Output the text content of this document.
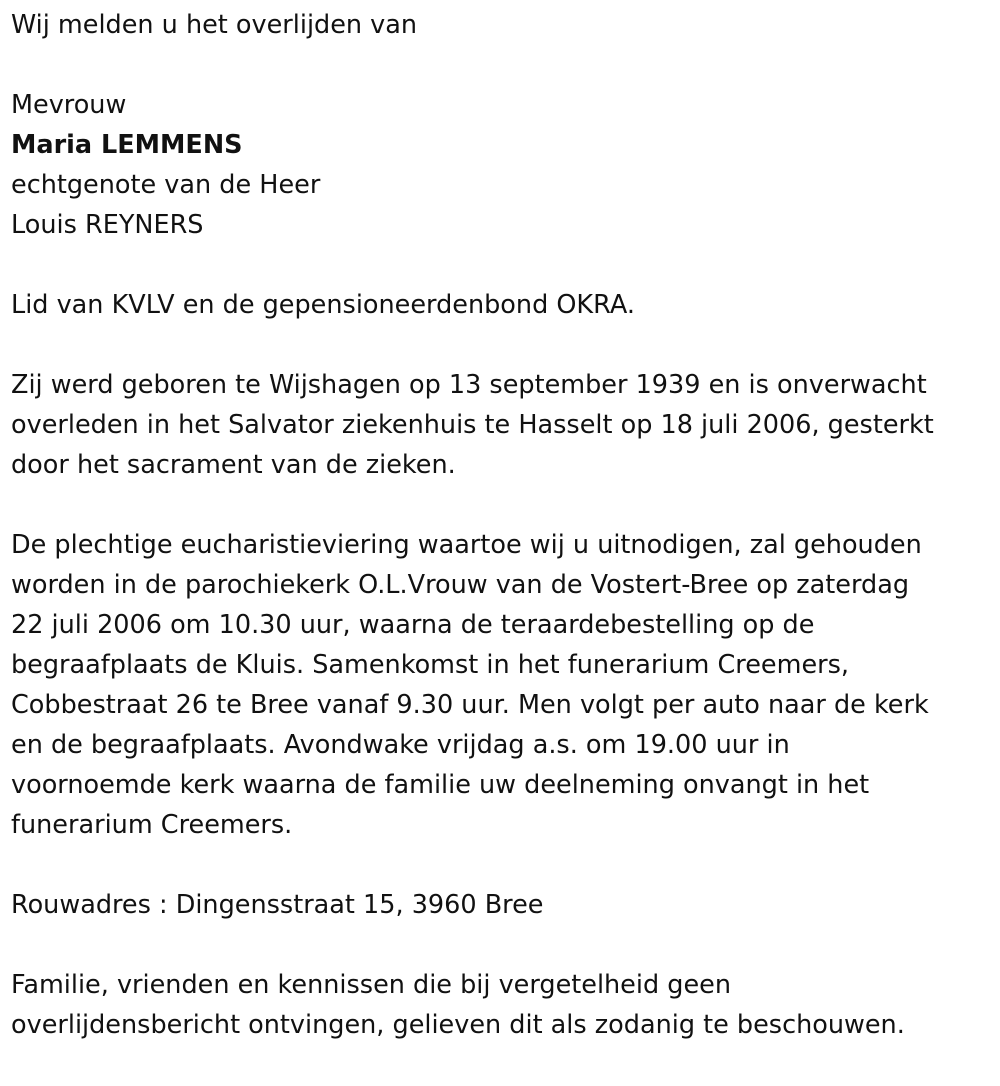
Wij melden u het overlijden van
Mevrouw
Maria LEMMENS
echtgenote van de Heer
Louis REYNERS
Lid van KVLV en de gepensioneerdenbond OKRA.
Zij werd geboren te Wijshagen op 13 september 1939 en is onverwacht
overleden in het Salvator ziekenhuis te Hasselt op 18 juli 2006, gesterkt
door het sacrament van de zieken.
De plechtige eucharistieviering waartoe wij u uitnodigen, zal gehouden
worden in de parochiekerk O.L.Vrouw van de Vostert-Bree op zaterdag
22 juli 2006 om 10.30 uur, waarna de teraardebestelling op de
begraafplaats de Kluis. Samenkomst in het funerarium Creemers,
Cobbestraat 26 te Bree vanaf 9.30 uur. Men volgt per auto naar de kerk
en de begraafplaats. Avondwake vrijdag a.s. om 19.00 uur in
voornoemde kerk waarna de familie uw deelneming onvangt in het
funerarium Creemers.
Rouwadres : Dingensstraat 15, 3960 Bree
Familie, vrienden en kennissen die bij vergetelheid geen
overlijdensbericht ontvingen, gelieven dit als zodanig te beschouwen.
